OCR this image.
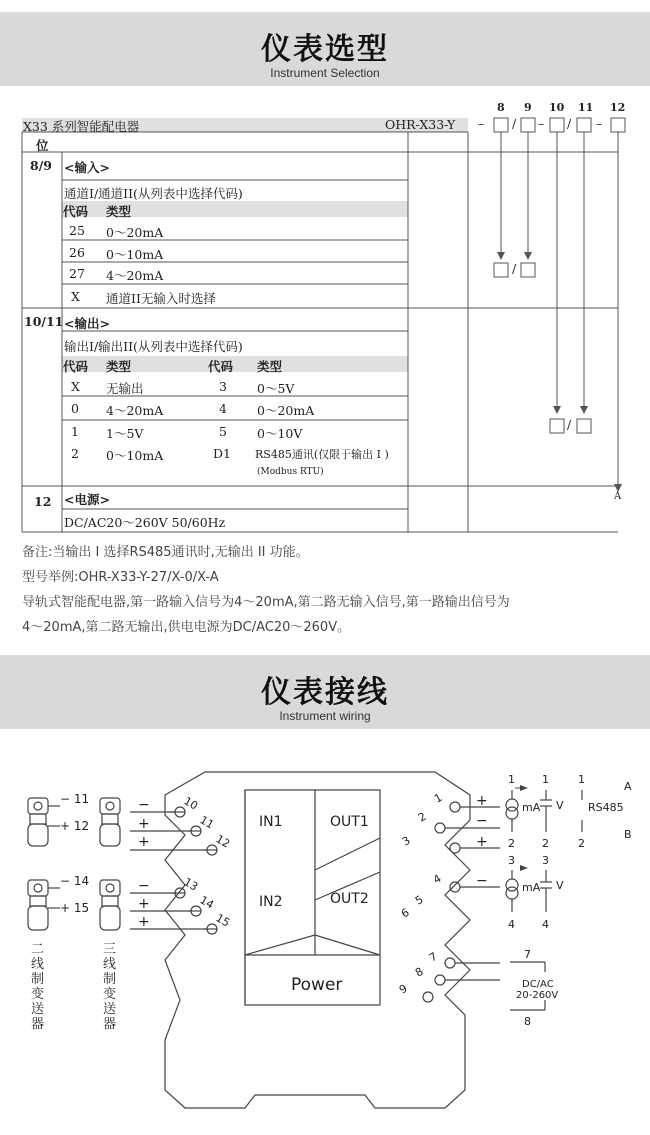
仪表选型
Instrument Selection
8 9 10 11 12
– / – / –
/
/
A
X33 系列智能配电器	OHR-X33-Y
位
8/9 <输入>
通道I/通道II(从列表中选择代码)
代码 类型
25 0～20mA
26 0～10mA
27 4～20mA
X 通道II无输入时选择
10/11 <输出>
输出I/输出II(从列表中选择代码)
代码 类型	代码 类型
X 无输出	3 0～5V
0 4～20mA	4 0～20mA
1 1～5V	5 0～10V
2 0～10mA	D1 RS485通讯(仅限于输出 I )
(Modbus RTU)
12 <电源>
DC/AC20～260V 50/60Hz
备注:当输出 I 选择RS485通讯时,无输出 II 功能。
型号举例:OHR-X33-Y-27/X-0/X-A
导轨式智能配电器,第一路输入信号为4～20mA,第二路无输入信号,第一路输出信号为
4～20mA,第二路无输出,供电电源为DC/AC20～260V。
仪表接线
Instrument wiring
IN1
IN2
OUT1
OUT2
Power
10
11
12
13
14
15
1
2
3
4
5
6
7
8
9
−
+
+
−
+
+
+
−
+
−
− 11
+ 12
− 14
+ 15
1
2
mA
1
2
V
1
2
RS485
A
B
3
4
mA
3
4
V
7
8
DC/AC
20-260V
二线制变送器
三线制变送器
